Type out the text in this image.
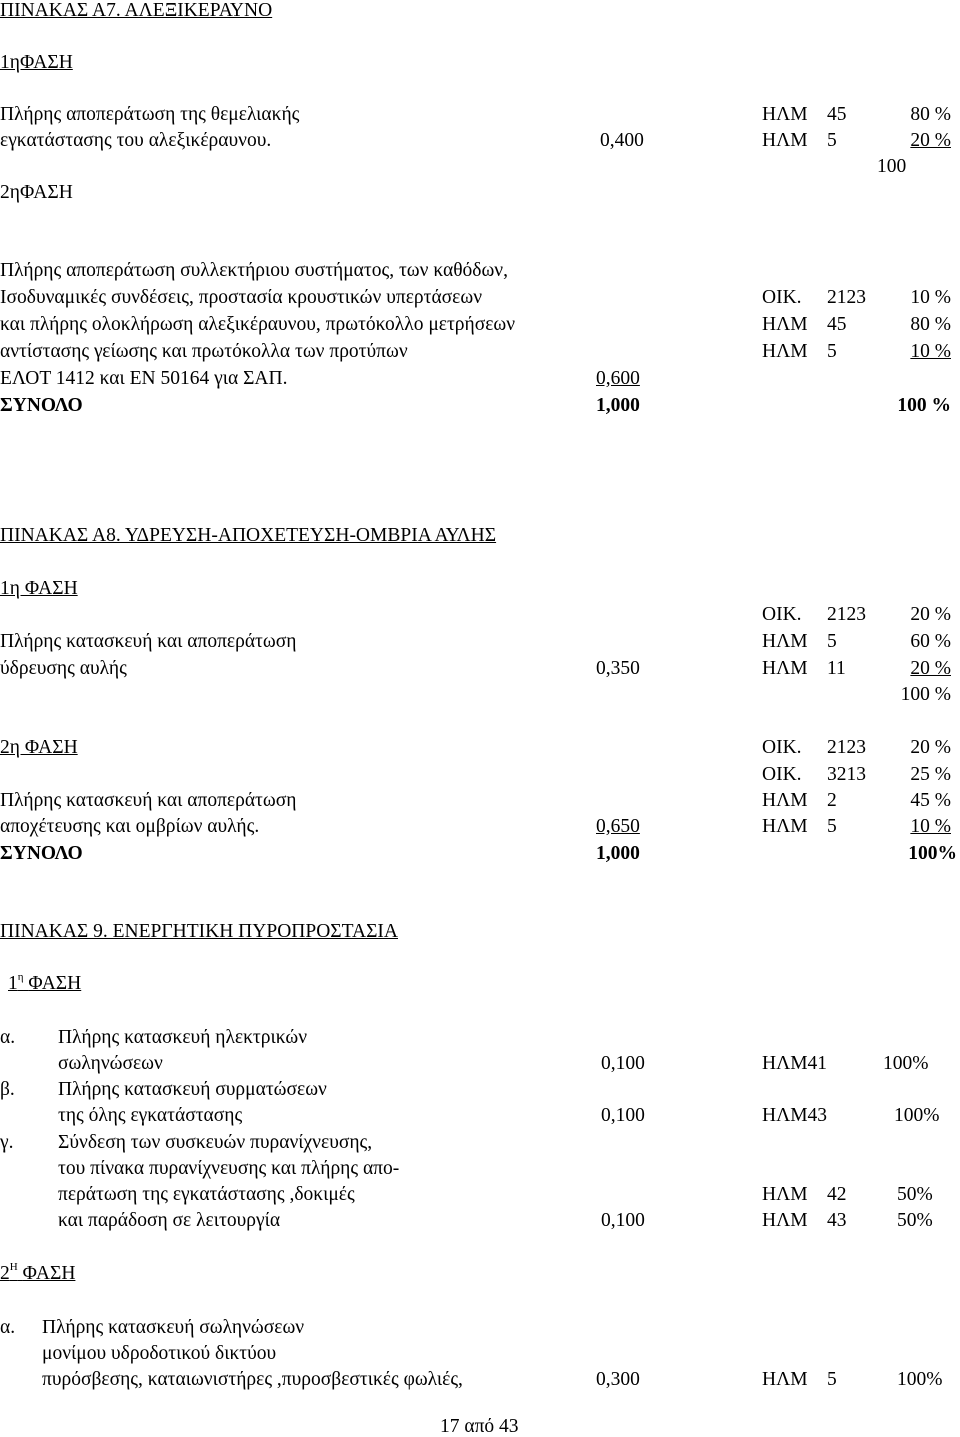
ΠΙΝΑΚΑΣ Α7. ΑΛΕΞΙΚΕΡΑΥΝΟ
1ηΦΑΣΗ
Πλήρης αποπεράτωση της θεμελιακής	ΗΛΜ 45	80 %
εγκατάστασης του αλεξικέραυνου.	0,400	ΗΛΜ 5	20 %
100
2ηΦΑΣΗ
Πλήρης αποπεράτωση συλλεκτήριου συστήματος, των καθόδων,
Ισοδυναμικές συνδέσεις, προστασία κρουστικών υπερτάσεων	ΟΙΚ. 2123 10 %
και πλήρης ολοκλήρωση αλεξικέραυνου, πρωτόκολλο μετρήσεων	ΗΛΜ 45	80 %
αντίστασης γείωσης και πρωτόκολλα των προτύπων	ΗΛΜ 5	10 %
ΕΛΟΤ 1412 και ΕΝ 50164 για ΣΑΠ.	0,600
ΣΥΝΟΛΟ	1,000	100 %
ΠΙΝΑΚΑΣ Α8. ΥΔΡΕΥΣΗ-ΑΠΟΧΕΤΕΥΣΗ-ΟΜΒΡΙΑ ΑΥΛΗΣ
1η ΦΑΣΗ
ΟΙΚ. 2123 20 %
Πλήρης κατασκευή και αποπεράτωση	ΗΛΜ 5	60 %
ύδρευσης αυλής	0,350	ΗΛΜ 11	20 %
100 %
2η ΦΑΣΗ	ΟΙΚ. 2123 20 %
ΟΙΚ. 3213 25 %
Πλήρης κατασκευή και αποπεράτωση	ΗΛΜ 2	45 %
αποχέτευσης και ομβρίων αυλής.	0,650	ΗΛΜ 5	10 %
ΣΥΝΟΛΟ	1,000	100%
ΠΙΝΑΚΑΣ 9. ΕΝΕΡΓΗΤΙΚΗ ΠΥΡΟΠΡΟΣΤΑΣΙΑ
$1^\eta$ ΦΑΣΗ
α. Πλήρης κατασκευή ηλεκτρικών
σωληνώσεων	0,100	ΗΛΜ41	100%
β. Πλήρης κατασκευή συρματώσεων
της όλης εγκατάστασης	0,100	ΗΛΜ43	100%
γ. Σύνδεση των συσκευών πυρανίχνευσης,
του πίνακα πυρανίχνευσης και πλήρης απο-
περάτωση της εγκατάστασης ,δοκιμές	ΗΛΜ 42	50%
και παράδοση σε λειτουργία	0,100	ΗΛΜ 43	50%
$2^H$ ΦΑΣΗ
α. Πλήρης κατασκευή σωληνώσεων
μονίμου υδροδοτικού δικτύου
πυρόσβεσης, καταιωνιστήρες ,πυροσβεστικές φωλιές,	0,300	ΗΛΜ 5	100%
17 από 43
